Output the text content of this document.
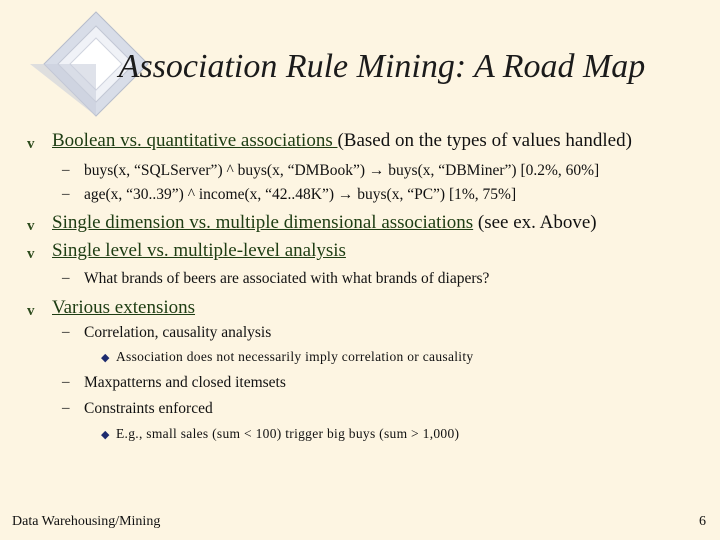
Association Rule Mining: A Road Map
v Boolean vs. quantitative associations (Based on the types of values handled)
– buys(x, “SQLServer”) ^ buys(x, “DMBook”) → buys(x, “DBMiner”) [0.2%, 60%]
– age(x, “30..39”) ^ income(x, “42..48K”) → buys(x, “PC”) [1%, 75%]
v Single dimension vs. multiple dimensional associations (see ex. Above)
v Single level vs. multiple-level analysis
– What brands of beers are associated with what brands of diapers?
v Various extensions
– Correlation, causality analysis
◆ Association does not necessarily imply correlation or causality
– Maxpatterns and closed itemsets
– Constraints enforced
◆ E.g., small sales (sum < 100) trigger big buys (sum > 1,000)
Data Warehousing/Mining	6
